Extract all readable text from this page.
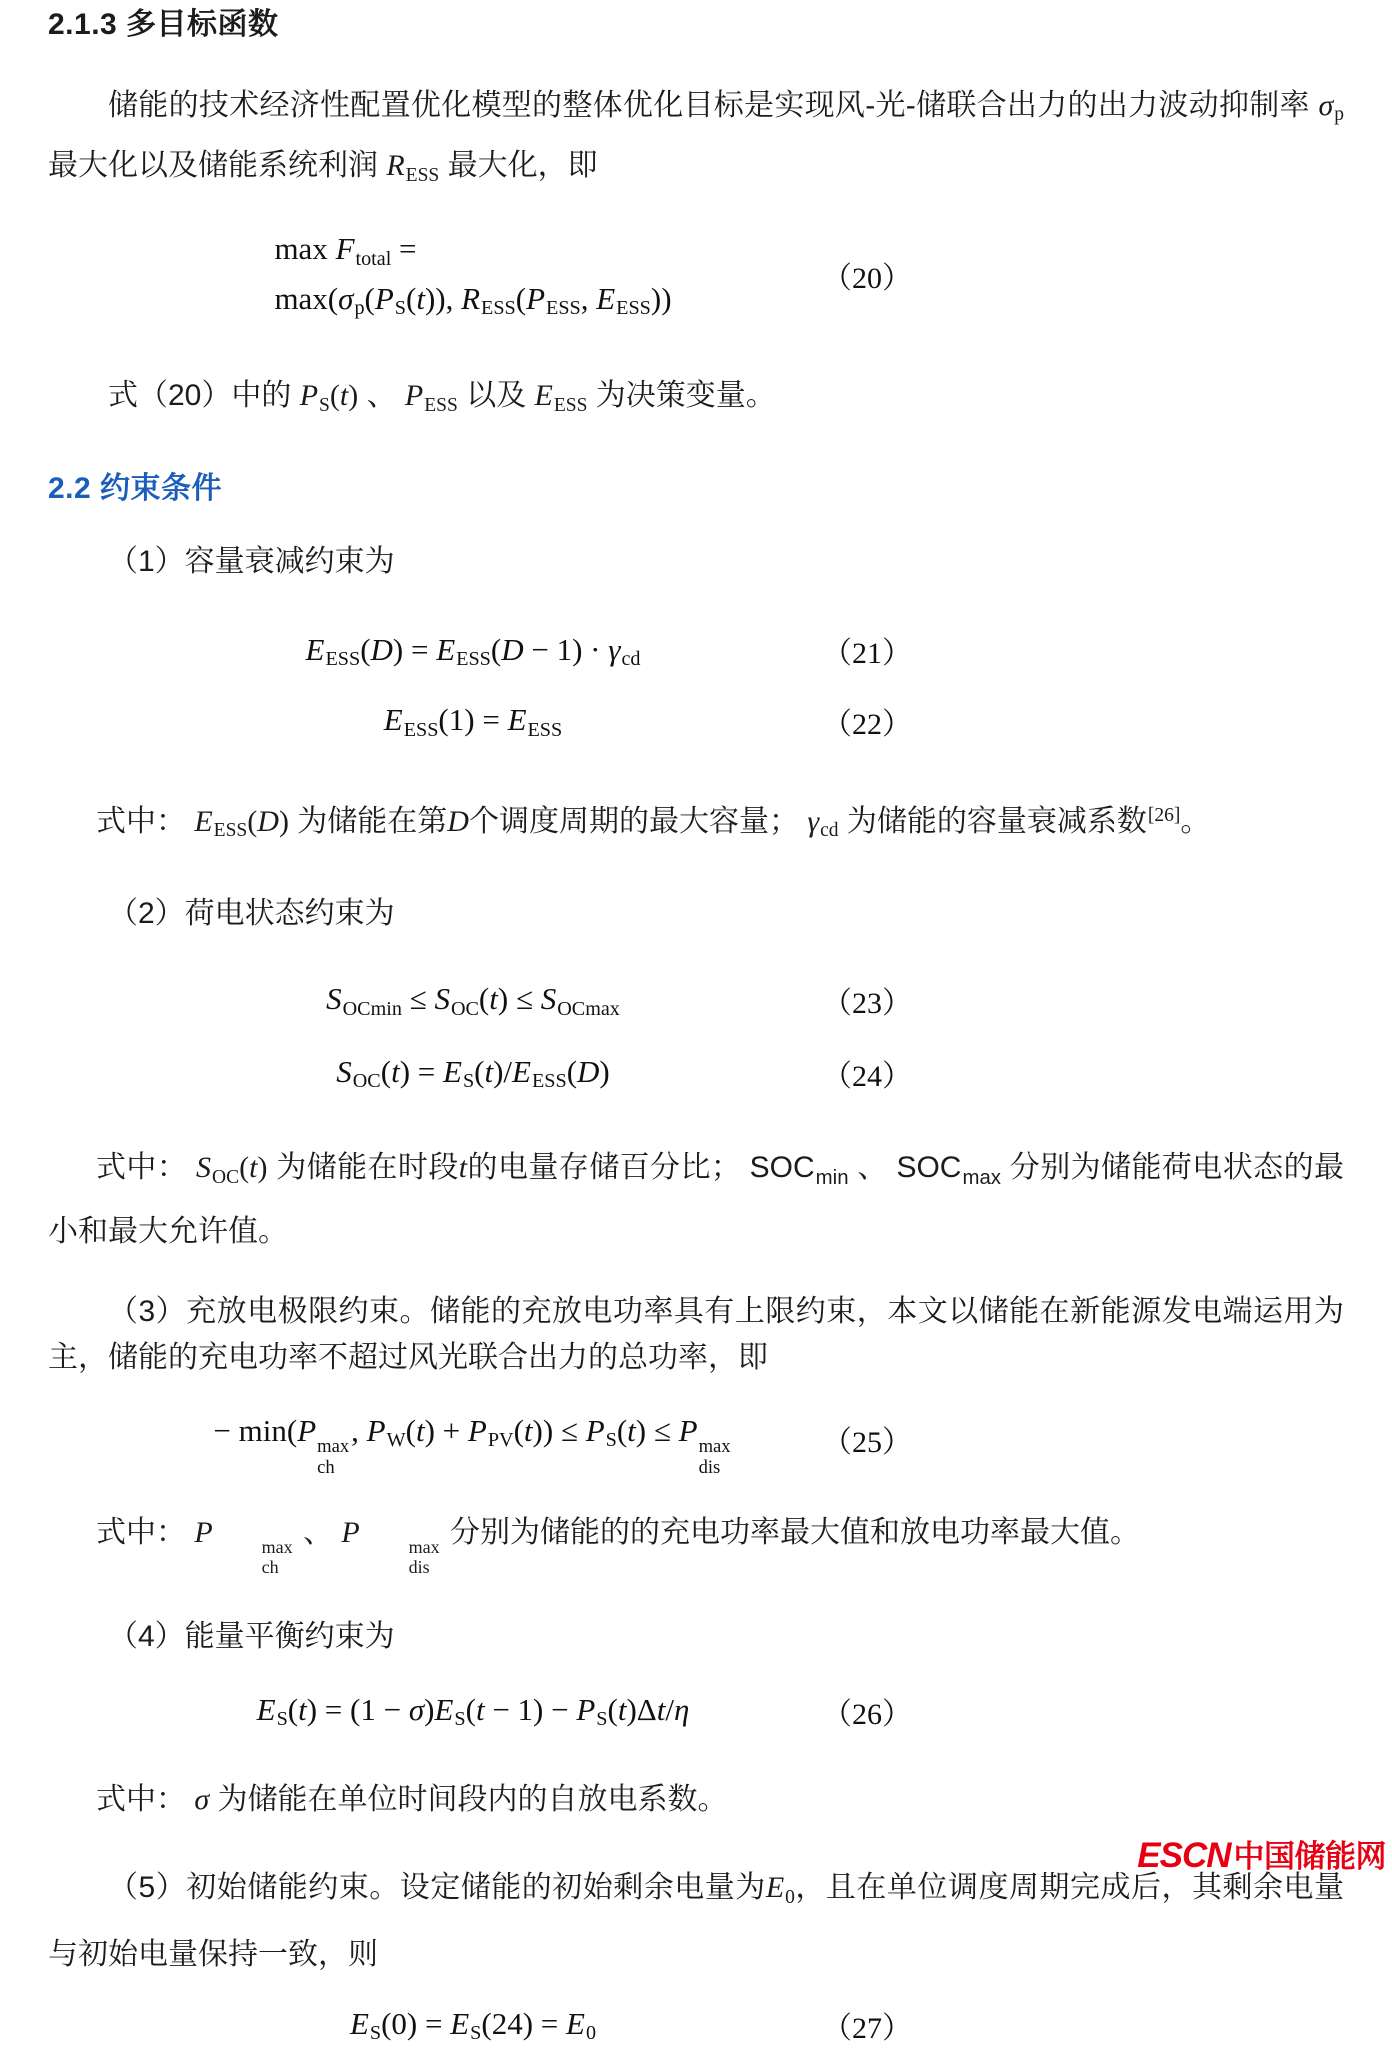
2.1.3 多目标函数
储能的技术经济性配置优化模型的整体优化目标是实现风-光-储联合出力的出力波动抑制率 σp 最大化以及储能系统利润 RESS 最大化，即
max Ftotal =
max(σp(PS(t)), RESS(PESS, EESS))
（20）
式（20）中的 PS(t) 、 PESS 以及 EESS 为决策变量。
2.2 约束条件
（1）容量衰减约束为
EESS(D) = EESS(D − 1) · γcd	（21）
EESS(1) = EESS	（22）
式中： EESS(D) 为储能在第D个调度周期的最大容量； γcd 为储能的容量衰减系数[26]。
（2）荷电状态约束为
SOCmin ≤ SOC(t) ≤ SOCmax	（23）
SOC(t) = ES(t)/EESS(D)	（24）
式中： SOC(t) 为储能在时段t的电量存储百分比； $SOC_{min}$ 、 $SOC_{max}$ 分别为储能荷电状态的最小和最大允许值。
（3）充放电极限约束。储能的充放电功率具有上限约束，本文以储能在新能源发电端运用为主，储能的充电功率不超过风光联合出力的总功率，即
− min(P max
ch
, PW(t) + PPV(t)) ≤ PS(t) ≤ P max
dis
（25）
式中： P	max
ch
、 P	max
dis
分别为储能的的充电功率最大值和放电功率最大值。
（4）能量平衡约束为
ES(t) = (1 − σ)ES(t − 1) − PS(t)Δt/η	（26）
式中： σ 为储能在单位时间段内的自放电系数。
（5）初始储能约束。设定储能的初始剩余电量为E0，且在单位调度周期完成后，其剩余电量与初始电量保持一致，则
ES(0) = ES(24) = E0	（27）
ESCN 中国储能网
